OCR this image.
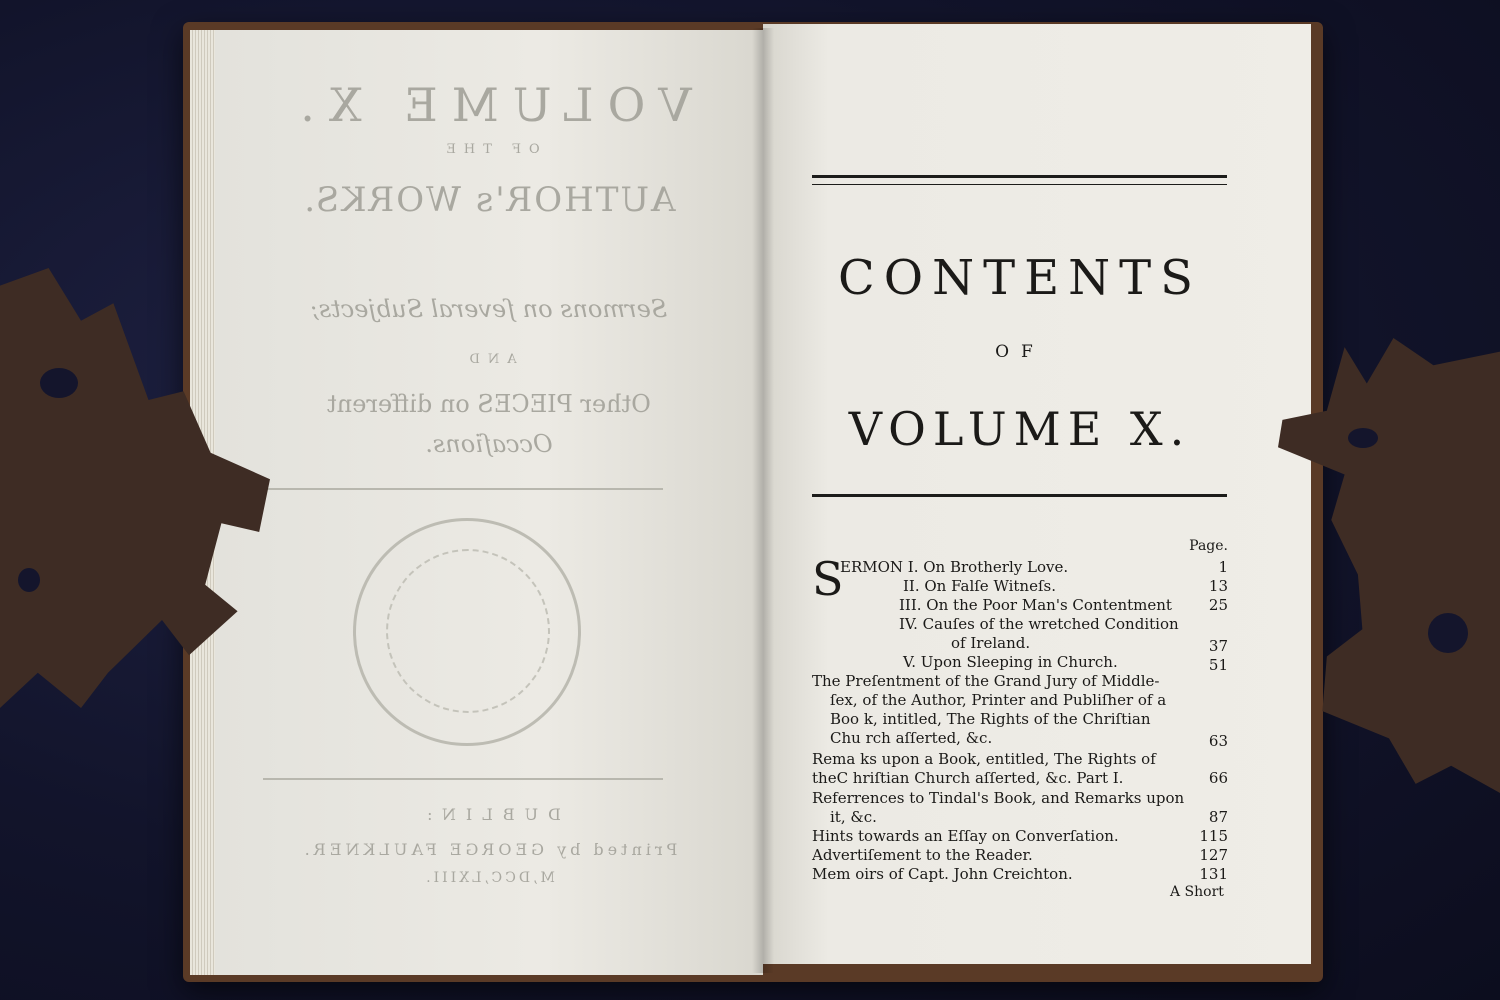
VOLUME X.
OF THE
AUTHOR's WORKS.
Sermons on ſeveral Subjects;
AND
Other PIECES on different
Occaſions.
DUBLIN:
Printed by GEORGE FAULKNER.
M,DCC,LXIII.
CONTENTS
OF
VOLUME X.
Page.
S
ERMON I. On Brotherly Love.	1
II. On Falſe Witneſs.	13
III. On the Poor Man's Contentment	25
IV. Cauſes of the wretched Condition
of Ireland.	37
V. Upon Sleeping in Church.	51
The Preſentment of the Grand Jury of Middle-
ſex, of the Author, Printer and Publiſher of a
Boo k, intitled, The Rights of the Chriſtian
Chu rch aſſerted, &c.	63
Rema ks upon a Book, entitled, The Rights of
theC hriſtian Church aſſerted, &c. Part I.	66
Referrences to Tindal's Book, and Remarks upon
it, &c.	87
Hints towards an Eſſay on Converſation.	115
Advertiſement to the Reader.	127
Mem oirs of Capt. John Creichton.	131
A Short
